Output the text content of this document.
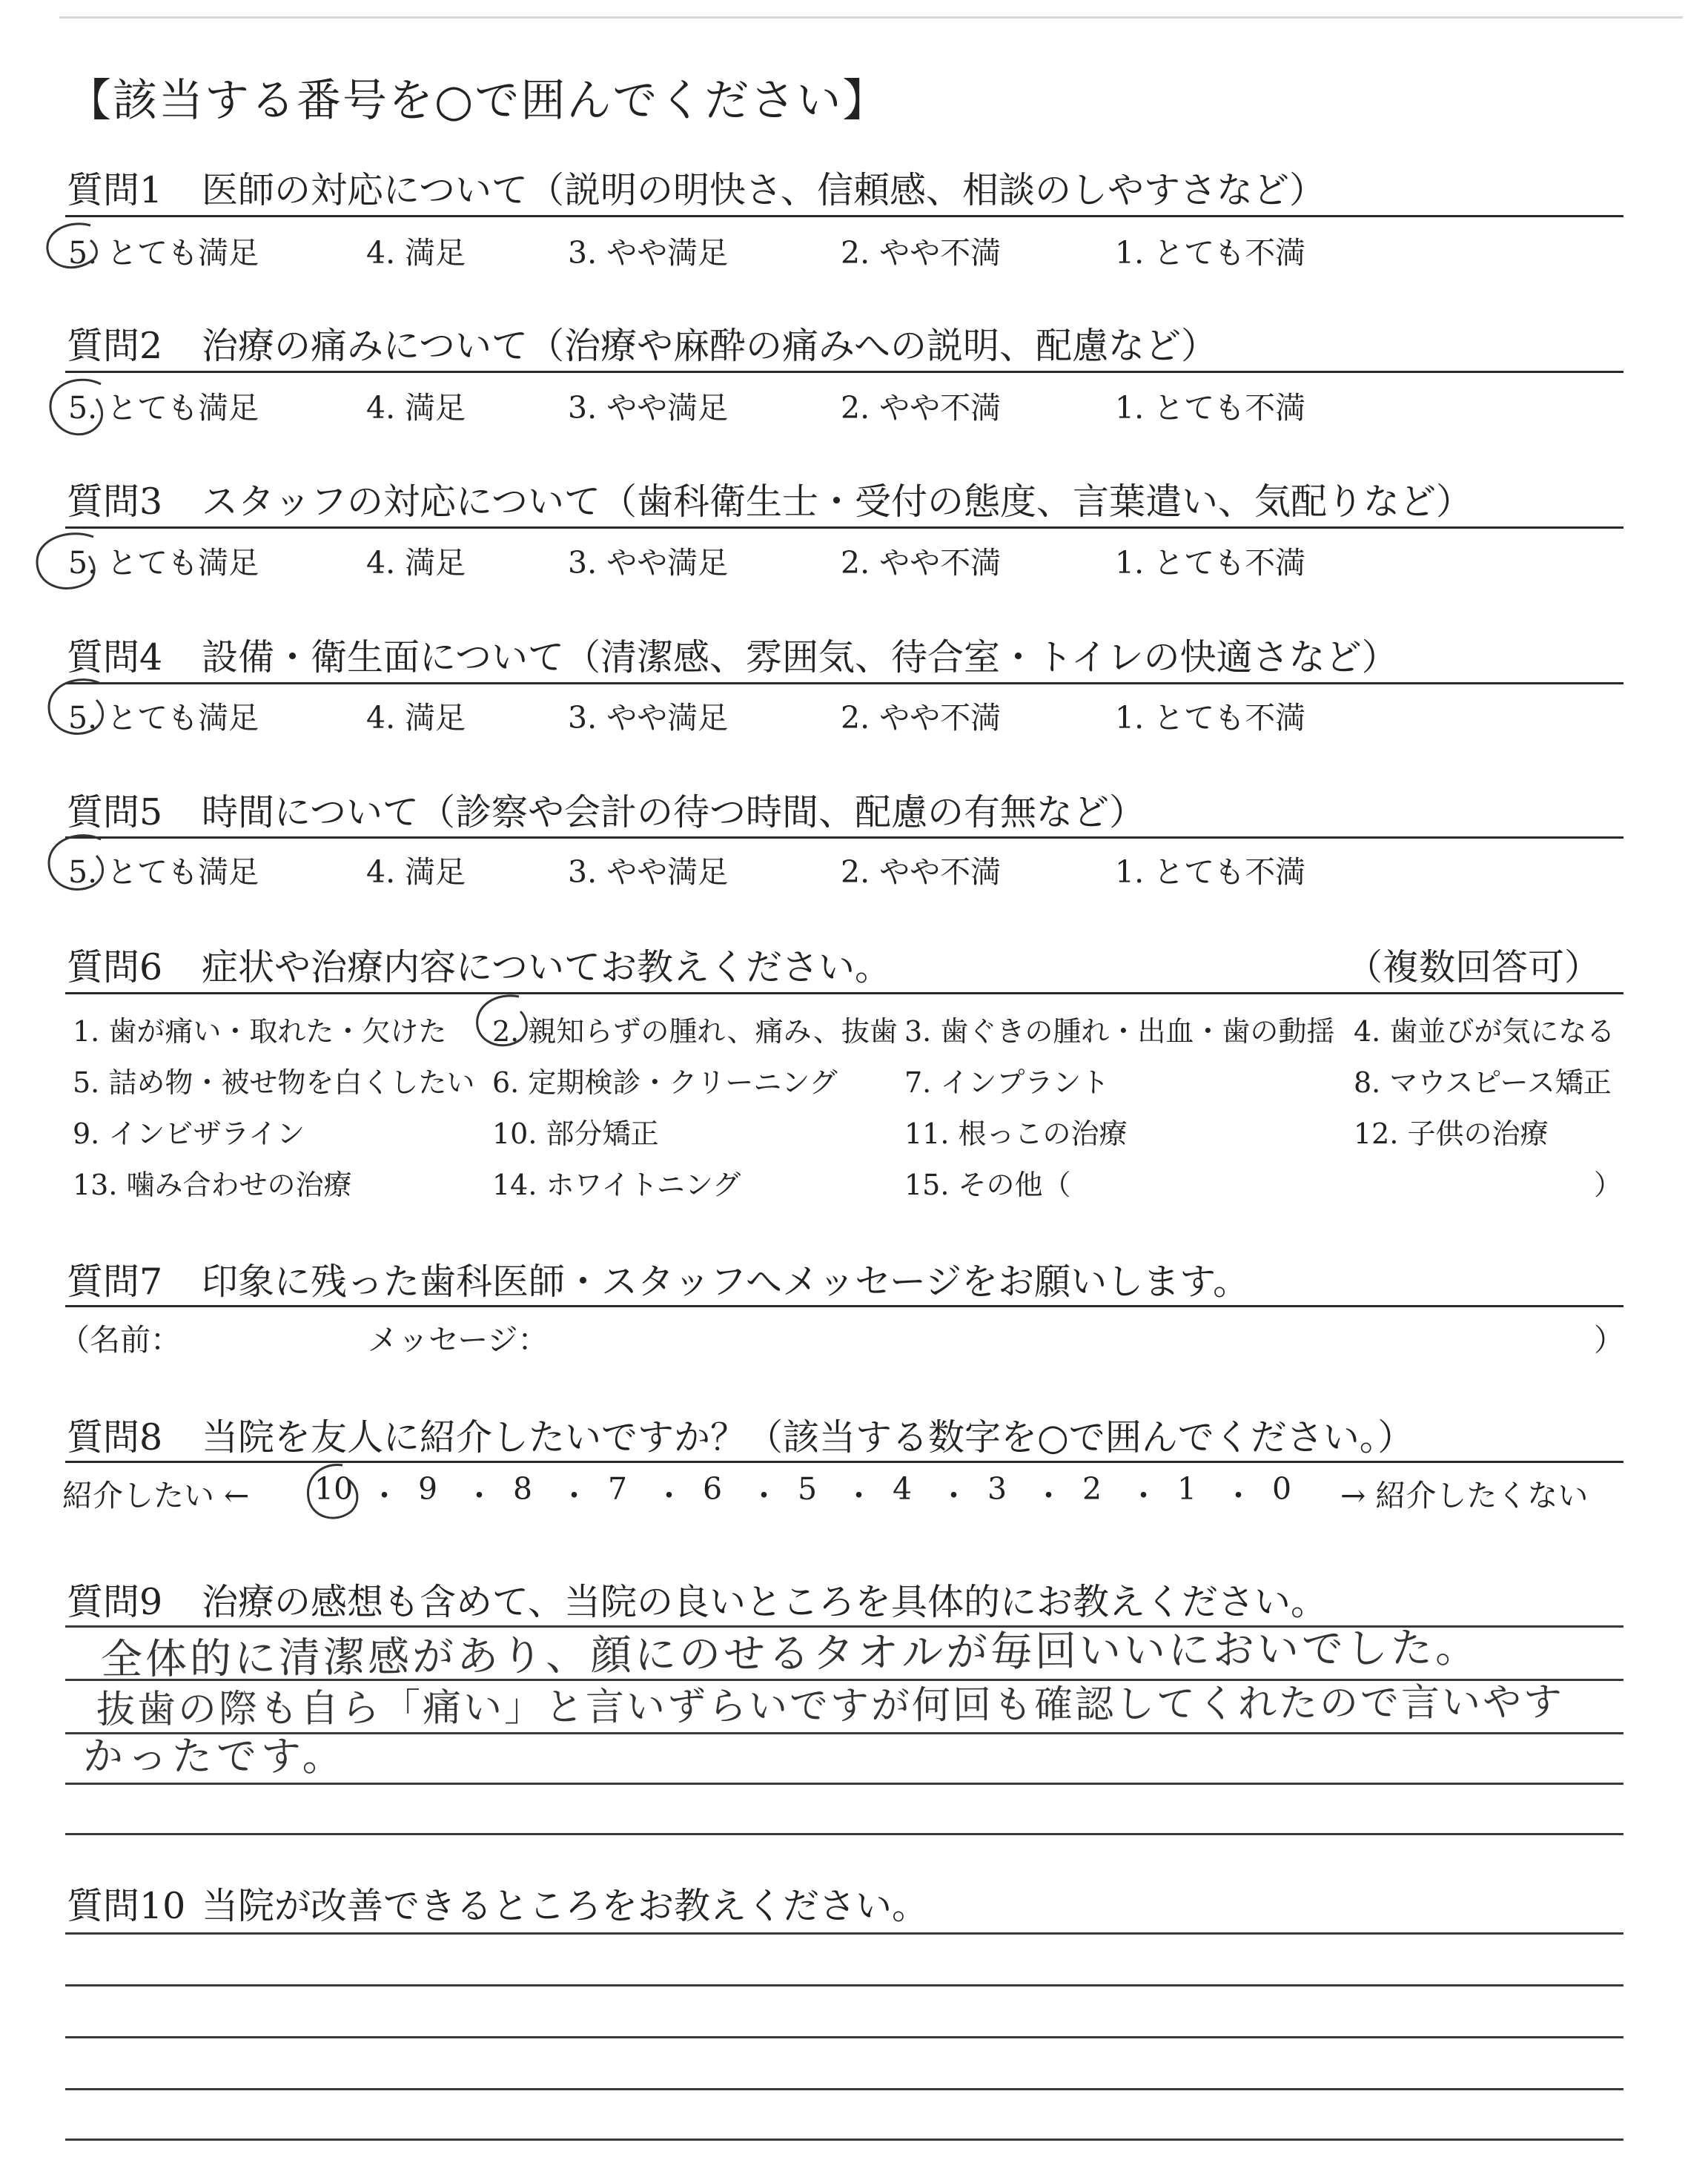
【該当する番号を○で囲んでください】
質問1 医師の対応について（説明の明快さ、信頼感、相談のしやすさなど）
5. とても満足	4. 満足	3. やや満足	2. やや不満	1. とても不満
質問2 治療の痛みについて（治療や麻酔の痛みへの説明、配慮など）
5. とても満足	4. 満足	3. やや満足	2. やや不満	1. とても不満
質問3 スタッフの対応について（歯科衛生士・受付の態度、言葉遣い、気配りなど）
5. とても満足	4. 満足	3. やや満足	2. やや不満	1. とても不満
質問4 設備・衛生面について（清潔感、雰囲気、待合室・トイレの快適さなど）
5. とても満足	4. 満足	3. やや満足	2. やや不満	1. とても不満
質問5 時間について（診察や会計の待つ時間、配慮の有無など）
5. とても満足	4. 満足	3. やや満足	2. やや不満	1. とても不満
質問6 症状や治療内容についてお教えください。	（複数回答可）
1. 歯が痛い・取れた・欠けた 2. 親知らずの腫れ、痛み、抜歯 3. 歯ぐきの腫れ・出血・歯の動揺 4. 歯並びが気になる
5. 詰め物・被せ物を白くしたい 6. 定期検診・クリーニング 7. インプラント	8. マウスピース矯正
9. インビザライン	10. 部分矯正	11. 根っこの治療	12. 子供の治療
13. 噛み合わせの治療	14. ホワイトニング	15. その他（	）
質問7 印象に残った歯科医師・スタッフへメッセージをお願いします。
（名前：	メッセージ：	）
質問8 当院を友人に紹介したいですか？（該当する数字を○で囲んでください。）
紹介したい ← 10 ・ 9 ・ 8 ・ 7 ・ 6 ・ 5 ・ 4 ・ 3 ・ 2 ・ 1 ・ 0 → 紹介したくない
質問9 治療の感想も含めて、当院の良いところを具体的にお教えください。
全体的に清潔感があり、顔にのせるタオルが毎回いいにおいでした。
抜歯の際も自ら「痛い」と言いずらいですが何回も確認してくれたので言いやす
かったです。
質問10 当院が改善できるところをお教えください。
